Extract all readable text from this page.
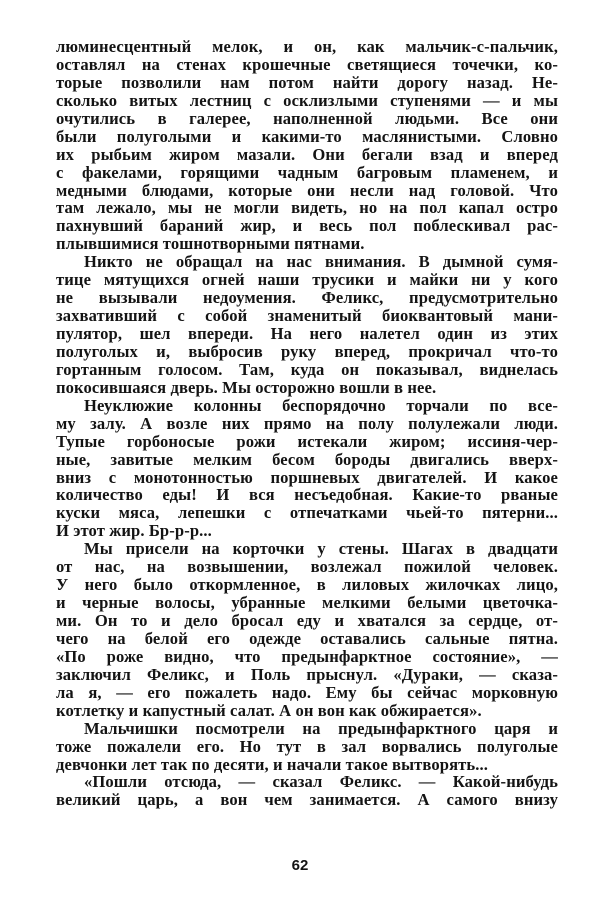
люминесцентный мелок, и он, как мальчик-с-пальчик,
оставлял на стенах крошечные светящиеся точечки, ко-
торые позволили нам потом найти дорогу назад. Не-
сколько витых лестниц с осклизлыми ступенями — и мы
очутились в галерее, наполненной людьми. Все они
были полуголыми и какими-то маслянистыми. Словно
их рыбьим жиром мазали. Они бегали взад и вперед
с факелами, горящими чадным багровым пламенем, и
медными блюдами, которые они несли над головой. Что
там лежало, мы не могли видеть, но на пол капал остро
пахнувший бараний жир, и весь пол поблескивал рас-
плывшимися тошнотворными пятнами.
Никто не обращал на нас внимания. В дымной сумя-
тице мятущихся огней наши трусики и майки ни у кого
не вызывали недоумения. Феликс, предусмотрительно
захвативший с собой знаменитый биоквантовый мани-
пулятор, шел впереди. На него налетел один из этих
полуголых и, выбросив руку вперед, прокричал что-то
гортанным голосом. Там, куда он показывал, виднелась
покосившаяся дверь. Мы осторожно вошли в нее.
Неуклюжие колонны беспорядочно торчали по все-
му залу. А возле них прямо на полу полулежали люди.
Тупые горбоносые рожи истекали жиром; иссиня-чер-
ные, завитые мелким бесом бороды двигались вверх-
вниз с монотонностью поршневых двигателей. И какое
количество еды! И вся несъедобная. Какие-то рваные
куски мяса, лепешки с отпечатками чьей-то пятерни...
И этот жир. Бр-р-р...
Мы присели на корточки у стены. Шагах в двадцати
от нас, на возвышении, возлежал пожилой человек.
У него было откормленное, в лиловых жилочках лицо,
и черные волосы, убранные мелкими белыми цветочка-
ми. Он то и дело бросал еду и хватался за сердце, от-
чего на белой его одежде оставались сальные пятна.
«По роже видно, что предынфарктное состояние», —
заключил Феликс, и Поль прыснул. «Дураки, — сказа-
ла я, — его пожалеть надо. Ему бы сейчас морковную
котлетку и капустный салат. А он вон как обжирается».
Мальчишки посмотрели на предынфарктного царя и
тоже пожалели его. Но тут в зал ворвались полуголые
девчонки лет так по десяти, и начали такое вытворять...
«Пошли отсюда, — сказал Феликс. — Какой-нибудь
великий царь, а вон чем занимается. А самого внизу
62
